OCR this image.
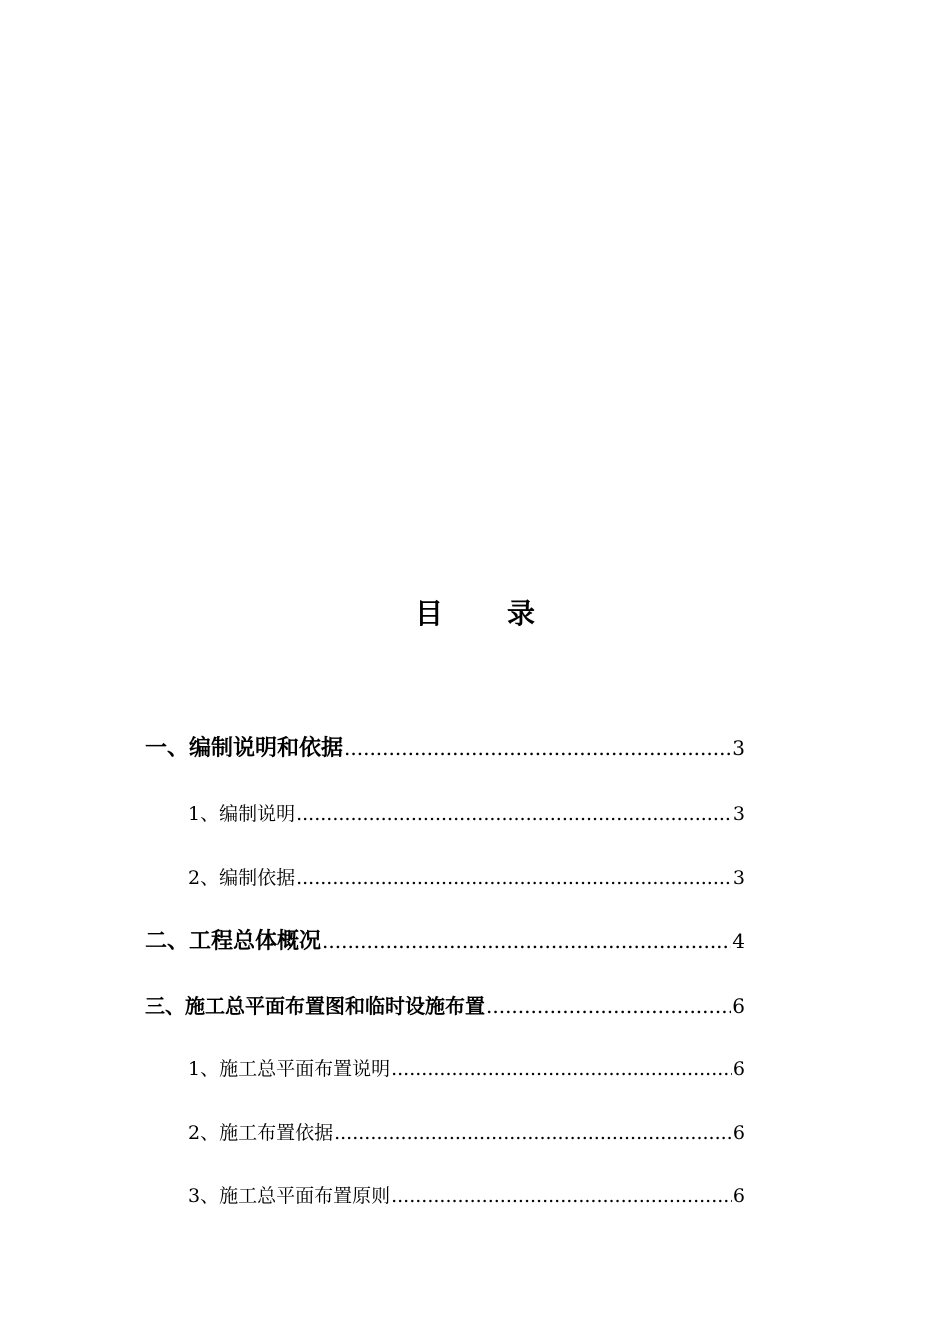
目 录
一、编制说明和依据 .....	3
1、编制说明 .....	3
2、编制依据 .....	3
二、工程总体概况 .....	4
三、施工总平面布置图和临时设施布置 .....	6
1、施工总平面布置说明 .....	6
2、施工布置依据 .....	6
3、施工总平面布置原则 .....	6
